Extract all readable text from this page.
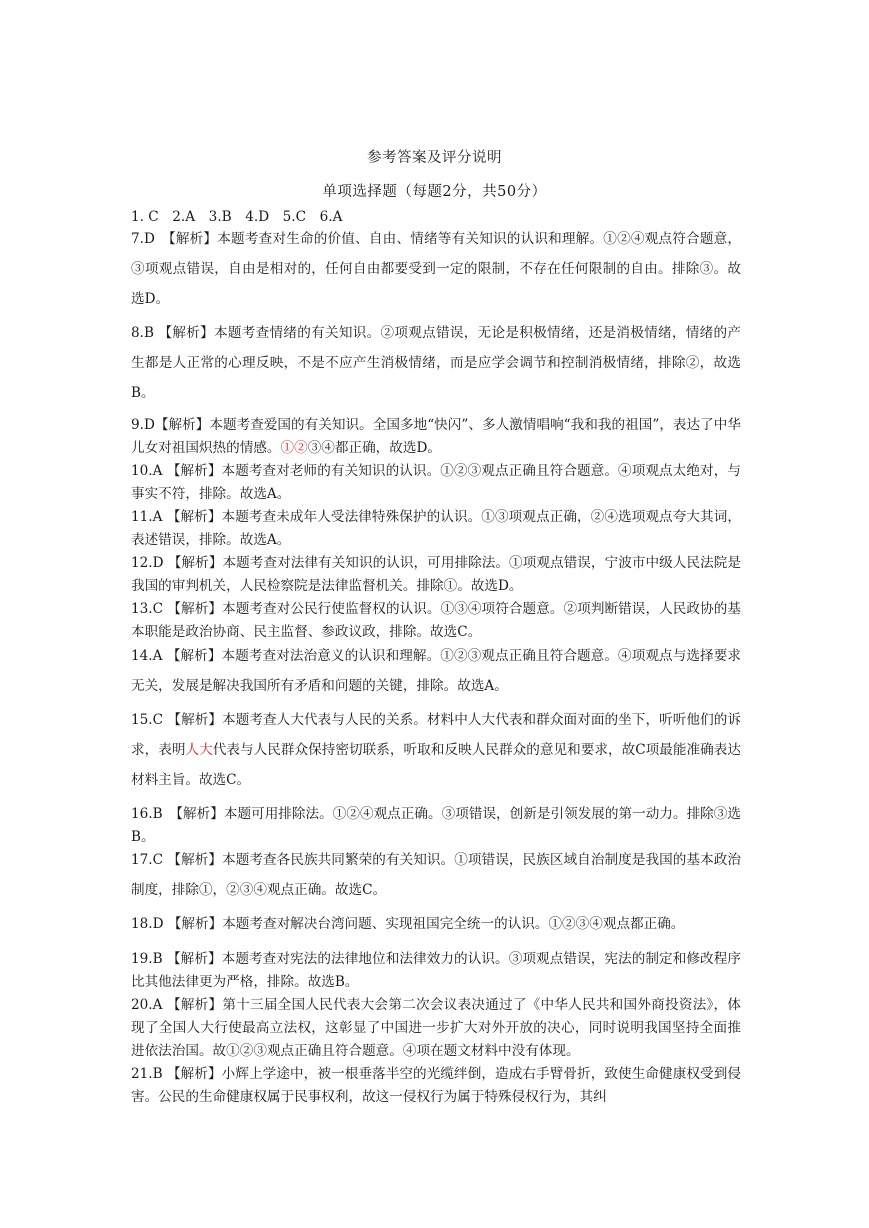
参考答案及评分说明
单项选择题（每题2分，共50分）
1. C　2.A　3.B　4.D　5.C　6.A
7.D　【解析】本题考查对生命的价值、自由、情绪等有关知识的认识和理解。①②④观点符合题意，③项观点错误，自由是相对的，任何自由都要受到一定的限制，不存在任何限制的自由。排除③。故选D。
8.B 【解析】本题考查情绪的有关知识。②项观点错误，无论是积极情绪，还是消极情绪，情绪的产生都是人正常的心理反映，不是不应产生消极情绪，而是应学会调节和控制消极情绪，排除②，故选B。
9.D【解析】本题考查爱国的有关知识。全国多地“快闪”、多人激情唱响“我和我的祖国”，表达了中华儿女对祖国炽热的情感。①②③④都正确，故选D。
10.A 【解析】本题考查对老师的有关知识的认识。①②③观点正确且符合题意。④项观点太绝对，与事实不符，排除。故选A。
11.A 【解析】本题考查未成年人受法律特殊保护的认识。①③项观点正确，②④选项观点夸大其词，表述错误，排除。故选A。
12.D 【解析】本题考查对法律有关知识的认识，可用排除法。①项观点错误，宁波市中级人民法院是我国的审判机关，人民检察院是法律监督机关。排除①。故选D。
13.C 【解析】本题考查对公民行使监督权的认识。①③④项符合题意。②项判断错误，人民政协的基本职能是政治协商、民主监督、参政议政，排除。故选C。
14.A 【解析】本题考查对法治意义的认识和理解。①②③观点正确且符合题意。④项观点与选择要求无关，发展是解决我国所有矛盾和问题的关键，排除。故选A。
15.C 【解析】本题考查人大代表与人民的关系。材料中人大代表和群众面对面的坐下，听听他们的诉求，表明人大代表与人民群众保持密切联系，听取和反映人民群众的意见和要求，故C项最能准确表达材料主旨。故选C。
16.B　【解析】本题可用排除法。①②④观点正确。③项错误，创新是引领发展的第一动力。排除③选B。
17.C 【解析】本题考查各民族共同繁荣的有关知识。①项错误，民族区域自治制度是我国的基本政治制度，排除①，②③④观点正确。故选C。
18.D 【解析】本题考查对解决台湾问题、实现祖国完全统一的认识。①②③④观点都正确。
19.B 【解析】本题考查对宪法的法律地位和法律效力的认识。③项观点错误，宪法的制定和修改程序比其他法律更为严格，排除。故选B。
20.A 【解析】第十三届全国人民代表大会第二次会议表决通过了《中华人民共和国外商投资法》，体现了全国人大行使最高立法权，这彰显了中国进一步扩大对外开放的决心，同时说明我国坚持全面推进依法治国。故①②③观点正确且符合题意。④项在题文材料中没有体现。
21.B 【解析】小辉上学途中，被一根垂落半空的光缆绊倒，造成右手臂骨折，致使生命健康权受到侵害。公民的生命健康权属于民事权利，故这一侵权行为属于特殊侵权行为，其纠
